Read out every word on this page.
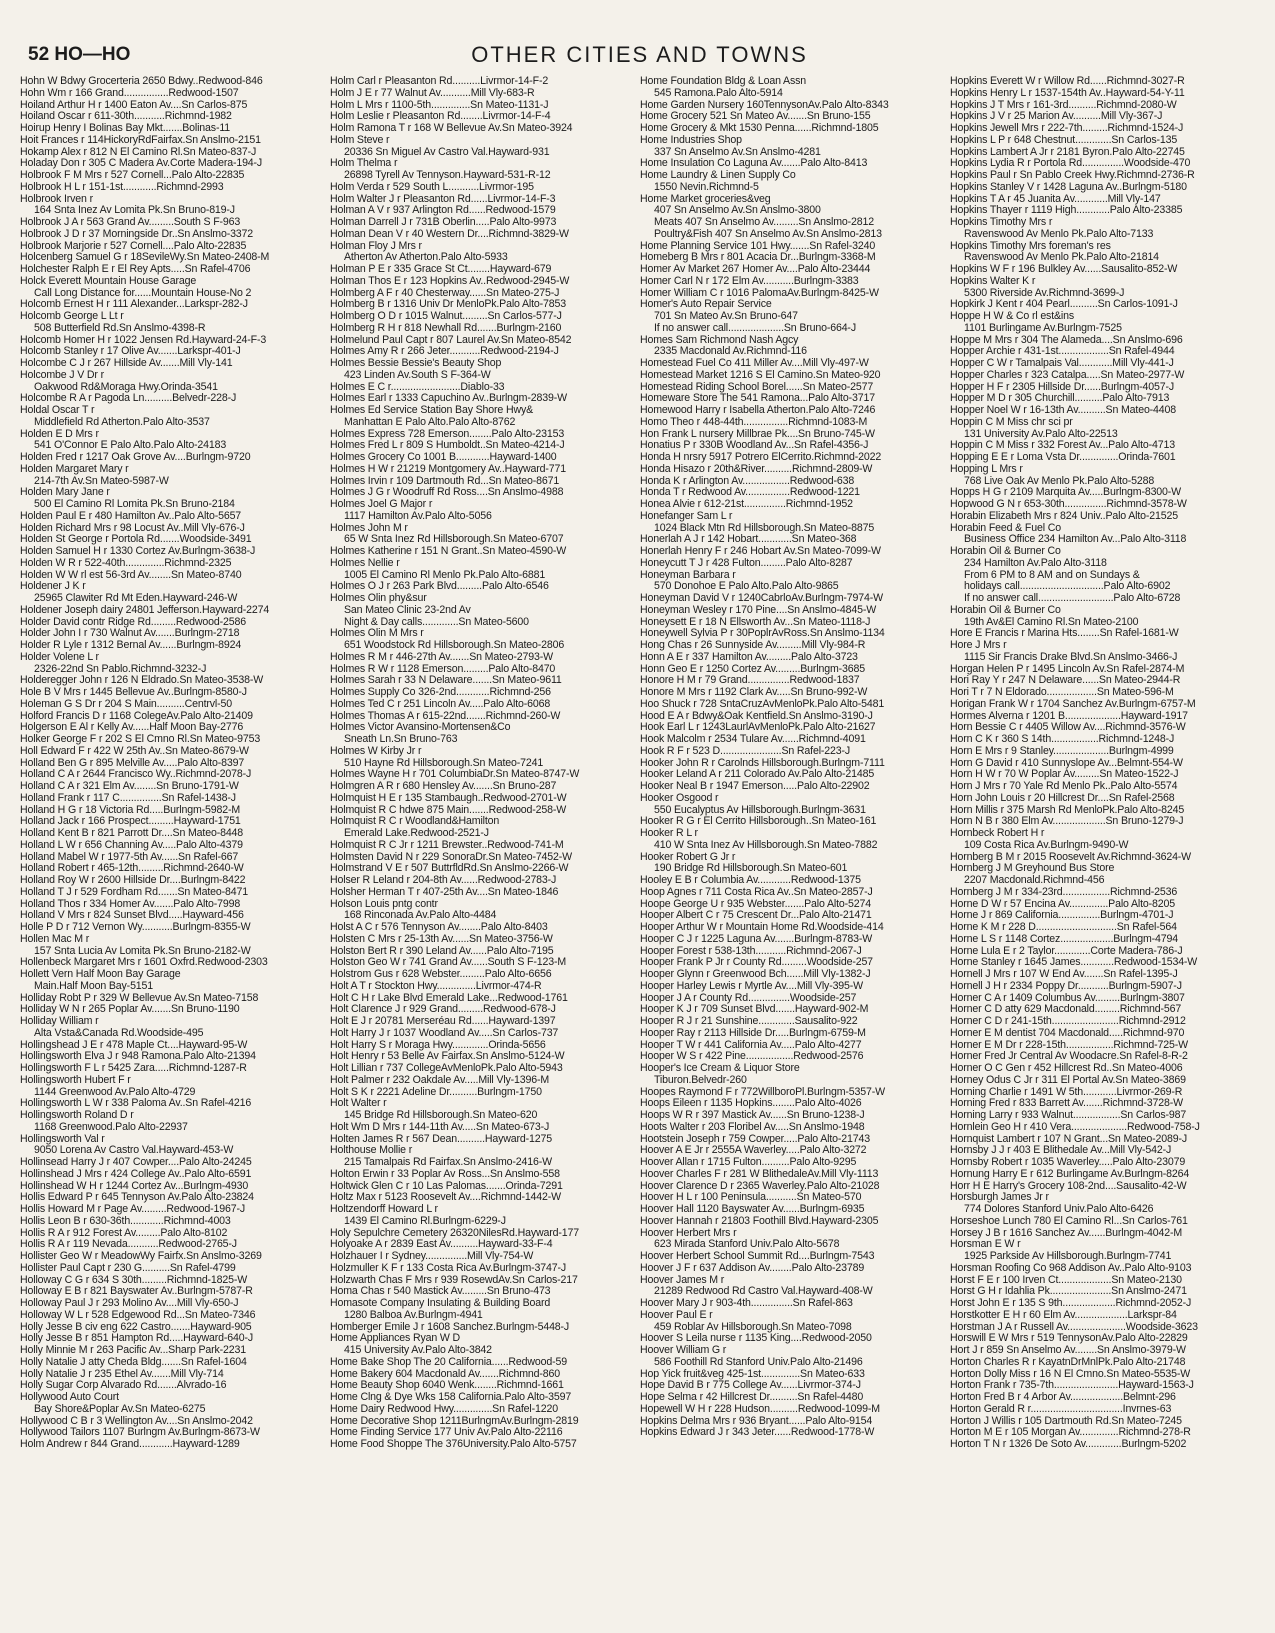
52 HO—HO	OTHER CITIES AND TOWNS
Hohn W Bdwy Grocerteria 2650 Bdwy..Redwood-846
Hohn Wm r 166 Grand................Redwood-1507
Hoiland Arthur H r 1400 Eaton Av....Sn Carlos-875
Hoiland Oscar r 611-30th...........Richmnd-1982
Hoirup Henry I Bolinas Bay Mkt.......Bolinas-11
Hoit Frances r 114HickoryRdFairfax.Sn Anslmo-2151
Hokamp Alex r 812 N El Camino Rl.Sn Mateo-837-J
Holaday Don r 305 C Madera Av.Corte Madera-194-J
Holbrook F M Mrs r 527 Cornell...Palo Alto-22835
Holbrook H L r 151-1st............Richmnd-2993
Holbrook Irven r
164 Snta Inez Av Lomita Pk.Sn Bruno-819-J
Holbrook J A r 563 Grand Av.........South S F-963
Holbrook J D r 37 Morningside Dr..Sn Anslmo-3372
Holbrook Marjorie r 527 Cornell....Palo Alto-22835
Holcenberg Samuel G r 18SevileWy.Sn Mateo-2408-M
Holchester Ralph E r El Rey Apts.....Sn Rafel-4706
Holck Everett Mountain House Garage
Call Long Distance for......Mountain House-No 2
Holcomb Ernest H r 111 Alexander...Larkspr-282-J
Holcomb George L Lt r
508 Butterfield Rd.Sn Anslmo-4398-R
Holcomb Homer H r 1022 Jensen Rd.Hayward-24-F-3
Holcomb Stanley r 17 Olive Av.......Larkspr-401-J
Holcombe C J r 267 Hillside Av.......Mill Vly-141
Holcombe J V Dr r
Oakwood Rd&Moraga Hwy.Orinda-3541
Holcombe R A r Pagoda Ln..........Belvedr-228-J
Holdal Oscar T r
Middlefield Rd Atherton.Palo Alto-3537
Holden E D Mrs r
541 O'Connor E Palo Alto.Palo Alto-24183
Holden Fred r 1217 Oak Grove Av....Burlngm-9720
Holden Margaret Mary r
214-7th Av.Sn Mateo-5987-W
Holden Mary Jane r
500 El Camino Rl Lomita Pk.Sn Bruno-2184
Holden Paul E r 480 Hamilton Av..Palo Alto-5657
Holden Richard Mrs r 98 Locust Av..Mill Vly-676-J
Holden St George r Portola Rd.......Woodside-3491
Holden Samuel H r 1330 Cortez Av.Burlngm-3638-J
Holden W R r 522-40th..............Richmnd-2325
Holden W W rl est 56-3rd Av........Sn Mateo-8740
Holdener J K r
25965 Clawiter Rd Mt Eden.Hayward-246-W
Holdener Joseph dairy 24801 Jefferson.Hayward-2274
Holder David contr Ridge Rd.........Redwood-2586
Holder John I r 730 Walnut Av.......Burlngm-2718
Holder R Lyle r 1312 Bernal Av......Burlngm-8924
Holder Volene L r
2326-22nd Sn Pablo.Richmnd-3232-J
Holderegger John r 126 N Eldrado.Sn Mateo-3538-W
Hole B V Mrs r 1445 Bellevue Av..Burlngm-8580-J
Holeman G S Dr r 204 S Main..........Centrvl-50
Holford Francis D r 1168 ColegeAv.Palo Alto-21409
Holgerson E Al r Kelly Av......Half Moon Bay-2776
Holker George F r 202 S El Cmno Rl.Sn Mateo-9753
Holl Edward F r 422 W 25th Av..Sn Mateo-8679-W
Holland Ben G r 895 Melville Av.....Palo Alto-8397
Holland C A r 2644 Francisco Wy..Richmnd-2078-J
Holland C A r 321 Elm Av........Sn Bruno-1791-W
Holland Frank r 117 C...............Sn Rafel-1438-J
Holland H G r 18 Victoria Rd.....Burlngm-5982-M
Holland Jack r 166 Prospect.........Hayward-1751
Holland Kent B r 821 Parrott Dr....Sn Mateo-8448
Holland L W r 656 Channing Av.....Palo Alto-4379
Holland Mabel W r 1977-5th Av......Sn Rafel-667
Holland Robert r 465-12th.........Richmnd-2640-W
Holland Roy W r 2600 Hillside Dr....Burlngm-8422
Holland T J r 529 Fordham Rd.......Sn Mateo-8471
Holland Thos r 334 Homer Av.......Palo Alto-7998
Holland V Mrs r 824 Sunset Blvd.....Hayward-456
Holle P D r 712 Vernon Wy...........Burlngm-8355-W
Hollen Mac M r
157 Snta Lucia Av Lomita Pk.Sn Bruno-2182-W
Hollenbeck Margaret Mrs r 1601 Oxfrd.Redwood-2303
Hollett Vern Half Moon Bay Garage
Main.Half Moon Bay-5151
Holliday Robt P r 329 W Bellevue Av.Sn Mateo-7158
Holliday W N r 265 Poplar Av.......Sn Bruno-1190
Holliday William r
Alta Vsta&Canada Rd.Woodside-495
Hollingshead J E r 478 Maple Ct....Hayward-95-W
Hollingsworth Elva J r 948 Ramona.Palo Alto-21394
Hollingsworth F L r 5425 Zara.....Richmnd-1287-R
Hollingsworth Hubert F r
1144 Greenwood Av.Palo Alto-4729
Hollingsworth L W r 338 Paloma Av..Sn Rafel-4216
Hollingsworth Roland D r
1168 Greenwood.Palo Alto-22937
Hollingsworth Val r
9050 Lorena Av Castro Val.Hayward-453-W
Hollinsead Harry J r 407 Cowper....Palo Alto-24245
Hollinshead J Mrs r 424 College Av..Palo Alto-6591
Hollinshead W H r 1244 Cortez Av...Burlngm-4930
Hollis Edward P r 645 Tennyson Av.Palo Alto-23824
Hollis Howard M r Page Av.........Redwood-1967-J
Hollis Leon B r 630-36th............Richmnd-4003
Hollis R A r 912 Forest Av.........Palo Alto-8102
Hollis R A r 119 Nevada...........Redwood-2765-J
Hollister Geo W r MeadowWy Fairfx.Sn Anslmo-3269
Hollister Paul Capt r 230 G..........Sn Rafel-4799
Holloway C G r 634 S 30th.........Richmnd-1825-W
Holloway E B r 821 Bayswater Av..Burlngm-5787-R
Holloway Paul J r 293 Molino Av....Mill Vly-650-J
Holloway W L r 528 Edgewood Rd...Sn Mateo-7346
Holly Jesse B civ eng 622 Castro.......Hayward-905
Holly Jesse B r 851 Hampton Rd.....Hayward-640-J
Holly Minnie M r 263 Pacific Av...Sharp Park-2231
Holly Natalie J atty Cheda Bldg.......Sn Rafel-1604
Holly Natalie J r 235 Ethel Av.......Mill Vly-714
Holly Sugar Corp Alvarado Rd.......Alvrado-16
Hollywood Auto Court
Bay Shore&Poplar Av.Sn Mateo-6275
Hollywood C B r 3 Wellington Av....Sn Anslmo-2042
Hollywood Tailors 1107 Burlngm Av.Burlngm-8673-W
Holm Andrew r 844 Grand............Hayward-1289
Holm Carl r Pleasanton Rd..........Livrmor-14-F-2
Holm J E r 77 Walnut Av...........Mill Vly-683-R
Holm L Mrs r 1100-5th..............Sn Mateo-1131-J
Holm Leslie r Pleasanton Rd........Livrmor-14-F-4
Holm Ramona T r 168 W Bellevue Av.Sn Mateo-3924
Holm Steve r
20336 Sn Miguel Av Castro Val.Hayward-931
Holm Thelma r
26898 Tyrell Av Tennyson.Hayward-531-R-12
Holm Verda r 529 South L...........Livrmor-195
Holm Walter J r Pleasanton Rd......Livrmor-14-F-3
Holman A V r 937 Arlington Rd......Redwood-1579
Holman Darrell J r 731B Oberlin.....Palo Alto-9973
Holman Dean V r 40 Western Dr....Richmnd-3829-W
Holman Floy J Mrs r
Atherton Av Atherton.Palo Alto-5933
Holman P E r 335 Grace St Ct........Hayward-679
Holman Thos E r 123 Hopkins Av..Redwood-2945-W
Holmberg A F r 40 Chesterway......Sn Mateo-275-J
Holmberg B r 1316 Univ Dr MenloPk.Palo Alto-7853
Holmberg O D r 1015 Walnut.........Sn Carlos-577-J
Holmberg R H r 818 Newhall Rd.......Burlngm-2160
Holmelund Paul Capt r 807 Laurel Av.Sn Mateo-8542
Holmes Amy R r 266 Jeter...........Redwood-2194-J
Holmes Bessie Bessie's Beauty Shop
423 Linden Av.South S F-364-W
Holmes E C r.........................Diablo-33
Holmes Earl r 1333 Capuchino Av..Burlngm-2839-W
Holmes Ed Service Station Bay Shore Hwy&
Manhattan E Palo Alto.Palo Alto-8762
Holmes Express 728 Emerson........Palo Alto-23153
Holmes Fred L r 809 S Humboldt..Sn Mateo-4214-J
Holmes Grocery Co 1001 B............Hayward-1400
Holmes H W r 21219 Montgomery Av..Hayward-771
Holmes Irvin r 109 Dartmouth Rd...Sn Mateo-8671
Holmes J G r Woodruff Rd Ross....Sn Anslmo-4988
Holmes Joel G Major r
1117 Hamilton Av.Palo Alto-5056
Holmes John M r
65 W Snta Inez Rd Hillsborough.Sn Mateo-6707
Holmes Katherine r 151 N Grant..Sn Mateo-4590-W
Holmes Nellie r
1005 El Camino Rl Menlo Pk.Palo Alto-6881
Holmes O J r 263 Park Blvd.........Palo Alto-6546
Holmes Olin phy&sur
San Mateo Clinic 23-2nd Av
Night & Day calls.............Sn Mateo-5600
Holmes Olin M Mrs r
651 Woodstock Rd Hillsborough.Sn Mateo-2806
Holmes R M r 446-27th Av.......Sn Mateo-2793-W
Holmes R W r 1128 Emerson.........Palo Alto-8470
Holmes Sarah r 33 N Delaware.......Sn Mateo-9611
Holmes Supply Co 326-2nd............Richmnd-256
Holmes Ted C r 251 Lincoln Av.....Palo Alto-6068
Holmes Thomas A r 615-22nd.......Richmnd-260-W
Holmes Victor Avansino-Mortensen&Co
Sneath Ln.Sn Bruno-763
Holmes W Kirby Jr r
510 Hayne Rd Hillsborough.Sn Mateo-7241
Holmes Wayne H r 701 ColumbiaDr.Sn Mateo-8747-W
Holmgren A R r 680 Hensley Av.......Sn Bruno-287
Holmquist H E r 135 Stambaugh..Redwood-2701-W
Holmquist R C hdwe 875 Main.......Redwood-258-W
Holmquist R C r Woodland&Hamilton
Emerald Lake.Redwood-2521-J
Holmquist R C Jr r 1211 Brewster..Redwood-741-M
Holmsten David N r 229 SonoraDr.Sn Mateo-7452-W
Holmstrand V E r 507 ButtrfldRd.Sn Anslmo-2266-W
Holser R Leland r 204-8th Av......Redwood-2783-J
Holsher Herman T r 407-25th Av....Sn Mateo-1846
Holson Louis pntg contr
168 Rinconada Av.Palo Alto-4484
Holst A C r 576 Tennyson Av........Palo Alto-8403
Holsten C Mrs r 25-13th Av......Sn Mateo-3756-W
Holston Bert R r 390 Leland Av......Palo Alto-7195
Holston Geo W r 741 Grand Av......South S F-123-M
Holstrom Gus r 628 Webster.........Palo Alto-6656
Holt A T r Stockton Hwy..............Livrmor-474-R
Holt C H r Lake Blvd Emerald Lake...Redwood-1761
Holt Clarence J r 929 Grand.........Redwood-678-J
Holt E J r 20781 Merseréau Rd......Hayward-1397
Holt Harry J r 1037 Woodland Av.....Sn Carlos-737
Holt Harry S r Moraga Hwy.............Orinda-5656
Holt Henry r 53 Belle Av Fairfax.Sn Anslmo-5124-W
Holt Lillian r 737 CollegeAvMenloPk.Palo Alto-5943
Holt Palmer r 232 Oakdale Av.....Mill Vly-1396-M
Holt S K r 2221 Adeline Dr..........Burlngm-1750
Holt Walter r
145 Bridge Rd Hillsborough.Sn Mateo-620
Holt Wm D Mrs r 144-11th Av.....Sn Mateo-673-J
Holten James R r 567 Dean..........Hayward-1275
Holthouse Mollie r
215 Tamalpais Rd Fairfax.Sn Anslmo-2416-W
Holton Erwin r 33 Poplar Av Ross...Sn Anslmo-558
Holtwick Glen C r 10 Las Palomas.......Orinda-7291
Holtz Max r 5123 Roosevelt Av....Richmnd-1442-W
Holtzendorff Howard L r
1439 El Camino Rl.Burlngm-6229-J
Holy Sepulchre Cemetery 26320NilesRd.Hayward-177
Holyoake A r 2839 East Av..........Hayward-33-F-4
Holzhauer I r Sydney...............Mill Vly-754-W
Holzmuller K F r 133 Costa Rica Av.Burlngm-3747-J
Holzwarth Chas F Mrs r 939 RosewdAv.Sn Carlos-217
Homa Chas r 540 Mastick Av.........Sn Bruno-473
Homasote Company Insulating & Building Board
1280 Balboa Av.Burlngm-4941
Homberger Emile J r 1608 Sanchez.Burlngm-5448-J
Home Appliances Ryan W D
415 University Av.Palo Alto-3842
Home Bake Shop The 20 California......Redwood-59
Home Bakery 604 Macdonald Av.......Richmnd-860
Home Beauty Shop 6040 Wenk........Richmnd-1661
Home Clng & Dye Wks 158 California.Palo Alto-3597
Home Dairy Redwood Hwy..............Sn Rafel-1220
Home Decorative Shop 1211BurlngmAv.Burlngm-2819
Home Finding Service 177 Univ Av.Palo Alto-22116
Home Food Shoppe The 376University.Palo Alto-5757
Home Foundation Bldg & Loan Assn
545 Ramona.Palo Alto-5914
Home Garden Nursery 160TennysonAv.Palo Alto-8343
Home Grocery 521 Sn Mateo Av.......Sn Bruno-155
Home Grocery & Mkt 1530 Penna......Richmnd-1805
Home Industries Shop
337 Sn Anselmo Av.Sn Anslmo-4281
Home Insulation Co Laguna Av.......Palo Alto-8413
Home Laundry & Linen Supply Co
1550 Nevin.Richmnd-5
Home Market groceries&veg
407 Sn Anselmo Av.Sn Anslmo-3800
Meats 407 Sn Anselmo Av.........Sn Anslmo-2812
Poultry&Fish 407 Sn Anselmo Av.Sn Anslmo-2813
Home Planning Service 101 Hwy.......Sn Rafel-3240
Homeberg B Mrs r 801 Acacia Dr...Burlngm-3368-M
Homer Av Market 267 Homer Av....Palo Alto-23444
Homer Carl N r 172 Elm Av...........Burlngm-3383
Homer William C r 1016 PalomaAv.Burlngm-8425-W
Homer's Auto Repair Service
701 Sn Mateo Av.Sn Bruno-647
If no answer call....................Sn Bruno-664-J
Homes Sam Richmond Nash Agcy
2335 Macdonald Av.Richmnd-116
Homestead Fuel Co 411 Miller Av....Mill Vly-497-W
Homestead Market 1216 S El Camino.Sn Mateo-920
Homestead Riding School Borel......Sn Mateo-2577
Homeware Store The 541 Ramona...Palo Alto-3717
Homewood Harry r Isabella Atherton.Palo Alto-7246
Homo Theo r 448-44th................Richmnd-1083-M
Hon Frank L nursery Millbrae Pk....Sn Bruno-745-W
Honatius P r 330B Woodland Av...Sn Rafel-4356-J
Honda H nrsry 5917 Potrero ElCerrito.Richmnd-2022
Honda Hisazo r 20th&River..........Richmnd-2809-W
Honda K r Arlington Av.................Redwood-638
Honda T r Redwood Av................Redwood-1221
Honea Alvie r 612-21st...............Richmnd-1952
Honefanger Sam L r
1024 Black Mtn Rd Hillsborough.Sn Mateo-8875
Honerlah A J r 142 Hobart............Sn Mateo-368
Honerlah Henry F r 246 Hobart Av.Sn Mateo-7099-W
Honeycutt T J r 428 Fulton.........Palo Alto-8287
Honeyman Barbara r
570 Donohoe E Palo Alto.Palo Alto-9865
Honeyman David V r 1240CabrloAv.Burlngm-7974-W
Honeyman Wesley r 170 Pine....Sn Anslmo-4845-W
Honeysett E r 18 N Ellsworth Av...Sn Mateo-1118-J
Honeywell Sylvia P r 30PoplrAvRoss.Sn Anslmo-1134
Hong Chas r 26 Sunnyside Av.........Mill Vly-984-R
Honn A E r 337 Hamilton Av.........Palo Alto-3723
Honn Geo E r 1250 Cortez Av.........Burlngm-3685
Honore H M r 79 Grand...............Redwood-1837
Honore M Mrs r 1192 Clark Av.....Sn Bruno-992-W
Hoo Shuck r 728 SntaCruzAvMenloPk.Palo Alto-5481
Hood E A r Bdwy&Oak Kentfield.Sn Anslmo-3190-J
Hook Earl L r 1243LaurlAvMenloPk.Palo Alto-21627
Hook Malcolm r 2534 Tulare Av......Richmnd-4091
Hook R F r 523 D......................Sn Rafel-223-J
Hooker John R r Carolnds Hillsborough.Burlngm-7111
Hooker Leland A r 211 Colorado Av.Palo Alto-21485
Hooker Neal B r 1947 Emerson.....Palo Alto-22902
Hooker Osgood r
550 Eucalyptus Av Hillsborough.Burlngm-3631
Hooker R G r El Cerrito Hillsborough..Sn Mateo-161
Hooker R L r
410 W Snta Inez Av Hillsborough.Sn Mateo-7882
Hooker Robert G Jr r
190 Bridge Rd Hillsborough.Sn Mateo-601
Hooley E B r Columbia Av............Redwood-1375
Hoop Agnes r 711 Costa Rica Av..Sn Mateo-2857-J
Hoope George U r 935 Webster.......Palo Alto-5274
Hooper Albert C r 75 Crescent Dr...Palo Alto-21471
Hooper Arthur W r Mountain Home Rd.Woodside-414
Hooper C J r 1225 Laguna Av.......Burlngm-8783-W
Hooper Forest r 538-13th...........Richmnd-2067-J
Hooper Frank P Jr r County Rd.........Woodside-257
Hooper Glynn r Greenwood Bch......Mill Vly-1382-J
Hooper Harley Lewis r Myrtle Av....Mill Vly-395-W
Hooper J A r County Rd...............Woodside-257
Hooper K J r 709 Sunset Blvd.......Hayward-902-M
Hooper R J r 21 Sunshine.............Sausalito-922
Hooper Ray r 2113 Hillside Dr.....Burlngm-6759-M
Hooper T W r 441 California Av.....Palo Alto-4277
Hooper W S r 422 Pine.................Redwood-2576
Hooper's Ice Cream & Liquor Store
Tiburon.Belvedr-260
Hoopes Raymond F r 772WillboroPl.Burlngm-5357-W
Hoops Eileen r 1135 Hopkins........Palo Alto-4026
Hoops W R r 397 Mastick Av......Sn Bruno-1238-J
Hoots Walter r 203 Floribel Av.....Sn Anslmo-1948
Hootstein Joseph r 759 Cowper.....Palo Alto-21743
Hoover A E Jr r 2555A Waverley.....Palo Alto-3272
Hoover Allan r 1715 Fulton..........Palo Alto-9295
Hoover Charles F r 281 W BlithedaleAv.Mill Vly-1113
Hoover Clarence D r 2365 Waverley.Palo Alto-21028
Hoover H L r 100 Peninsula...........Sn Mateo-570
Hoover Hall 1120 Bayswater Av......Burlngm-6935
Hoover Hannah r 21803 Foothill Blvd.Hayward-2305
Hoover Herbert Mrs r
623 Mirada Stanford Univ.Palo Alto-5678
Hoover Herbert School Summit Rd....Burlngm-7543
Hoover J F r 637 Addison Av........Palo Alto-23789
Hoover James M r
21289 Redwood Rd Castro Val.Hayward-408-W
Hoover Mary J r 903-4th...............Sn Rafel-863
Hoover Paul E r
459 Roblar Av Hillsborough.Sn Mateo-7098
Hoover S Leila nurse r 1135 King....Redwood-2050
Hoover William G r
586 Foothill Rd Stanford Univ.Palo Alto-21496
Hop Yick fruit&veg 425-1st..............Sn Mateo-633
Hope David B r 775 College Av......Livrmor-374-J
Hope Selma r 42 Hillcrest Dr..........Sn Rafel-4480
Hopewell W H r 228 Hudson..........Redwood-1099-M
Hopkins Delma Mrs r 936 Bryant......Palo Alto-9154
Hopkins Edward J r 343 Jeter......Redwood-1778-W
Hopkins Everett W r Willow Rd......Richmnd-3027-R
Hopkins Henry L r 1537-154th Av..Hayward-54-Y-11
Hopkins J T Mrs r 161-3rd..........Richmnd-2080-W
Hopkins J V r 25 Marion Av..........Mill Vly-367-J
Hopkins Jewell Mrs r 222-7th.........Richmnd-1524-J
Hopkins L P r 648 Chestnut.............Sn Carlos-135
Hopkins Lambert A Jr r 2181 Byron.Palo Alto-22745
Hopkins Lydia R r Portola Rd...............Woodside-470
Hopkins Paul r Sn Pablo Creek Hwy.Richmnd-2736-R
Hopkins Stanley V r 1428 Laguna Av..Burlngm-5180
Hopkins T A r 45 Juanita Av............Mill Vly-147
Hopkins Thayer r 1119 High............Palo Alto-23385
Hopkins Timothy Mrs r
Ravenswood Av Menlo Pk.Palo Alto-7133
Hopkins Timothy Mrs foreman's res
Ravenswood Av Menlo Pk.Palo Alto-21814
Hopkins W F r 196 Bulkley Av......Sausalito-852-W
Hopkins Walter K r
5300 Riverside Av.Richmnd-3699-J
Hopkirk J Kent r 404 Pearl..........Sn Carlos-1091-J
Hoppe H W & Co rl est&ins
1101 Burlingame Av.Burlngm-7525
Hoppe M Mrs r 304 The Alameda....Sn Anslmo-696
Hopper Archie r 431-1st..................Sn Rafel-4944
Hopper C W r Tamalpais Val............Mill Vly-441-J
Hopper Charles r 323 Catalpa.....Sn Mateo-2977-W
Hopper H F r 2305 Hillside Dr......Burlngm-4057-J
Hopper M D r 305 Churchill..........Palo Alto-7913
Hopper Noel W r 16-13th Av..........Sn Mateo-4408
Hoppin C M Miss chr sci pr
131 University Av.Palo Alto-22513
Hoppin C M Miss r 332 Forest Av...Palo Alto-4713
Hopping E E r Loma Vsta Dr..............Orinda-7601
Hopping L Mrs r
768 Live Oak Av Menlo Pk.Palo Alto-5288
Hopps H G r 2109 Marquita Av.....Burlngm-8300-W
Hopwood G N r 653-30th...............Richmnd-3578-W
Horabin Elizabeth Mrs r 824 Univ..Palo Alto-21525
Horabin Feed & Fuel Co
Business Office 234 Hamilton Av...Palo Alto-3118
Horabin Oil & Burner Co
234 Hamilton Av.Palo Alto-3118
From 6 PM to 8 AM and on Sundays &
holidays call..............................Palo Alto-6902
If no answer call...........................Palo Alto-6728
Horabin Oil & Burner Co
19th Av&El Camino Rl.Sn Mateo-2100
Hore E Francis r Marina Hts........Sn Rafel-1681-W
Hore J Mrs r
1115 Sir Francis Drake Blvd.Sn Anslmo-3466-J
Horgan Helen P r 1495 Lincoln Av.Sn Rafel-2874-M
Hori Ray Y r 247 N Delaware......Sn Mateo-2944-R
Hori T r 7 N Eldorado..................Sn Mateo-596-M
Horigan Frank W r 1704 Sanchez Av.Burlngm-6757-M
Hormes Alverna r 1201 B....................Hayward-1917
Horn Bessie C r 4405 Willow Av....Richmnd-3576-W
Horn C K r 360 S 14th.................Richmnd-1248-J
Horn E Mrs r 9 Stanley....................Burlngm-4999
Horn G David r 410 Sunnyslope Av...Belmnt-554-W
Horn H W r 70 W Poplar Av.........Sn Mateo-1522-J
Horn J Mrs r 70 Yale Rd Menlo Pk..Palo Alto-5574
Horn John Louis r 20 Hillcrest Dr....Sn Rafel-2568
Horn Millis r 375 Marsh Rd MenloPk.Palo Alto-8245
Horn N B r 380 Elm Av...................Sn Bruno-1279-J
Hornbeck Robert H r
109 Costa Rica Av.Burlngm-9490-W
Hornberg B M r 2015 Roosevelt Av.Richmnd-3624-W
Hornberg J M Greyhound Bus Store
2207 Macdonald.Richmnd-456
Hornberg J M r 334-23rd.................Richmnd-2536
Horne D W r 57 Encina Av..............Palo Alto-8205
Horne J r 869 California...............Burlngm-4701-J
Horne K M r 228 D.............................Sn Rafel-564
Horne L S r 1148 Cortez...................Burlngm-4794
Horne Lula E r 2 Taylor.............Corte Madera-786-J
Horne Stanley r 1645 James............Redwood-1534-W
Hornell J Mrs r 107 W End Av.......Sn Rafel-1395-J
Hornell J H r 2334 Poppy Dr...........Burlngm-5907-J
Horner C A r 1409 Columbus Av.........Burlngm-3807
Horner C D atty 629 Macdonald.........Richmnd-567
Horner C D r 241-15th........................Richmnd-2912
Horner E M dentist 704 Macdonald.....Richmnd-970
Horner E M Dr r 228-15th.................Richmnd-725-W
Horner Fred Jr Central Av Woodacre.Sn Rafel-8-R-2
Horner O C Gen r 452 Hillcrest Rd..Sn Mateo-4006
Horney Odus C Jr r 311 El Portal Av.Sn Mateo-3869
Horning Charlie r 1491 W 5th............Livrmor-269-R
Horning Fred r 833 Barrett Av.......Richmnd-3728-W
Horning Larry r 933 Walnut.................Sn Carlos-987
Hornlein Geo H r 410 Vera....................Redwood-758-J
Hornquist Lambert r 107 N Grant...Sn Mateo-2089-J
Hornsby J J r 403 E Blithedale Av...Mill Vly-542-J
Hornsby Robert r 1035 Waverley.....Palo Alto-23079
Hornung Harry E r 612 Burlingame Av.Burlngm-8264
Horr H E Harry's Grocery 108-2nd....Sausalito-42-W
Horsburgh James Jr r
774 Dolores Stanford Univ.Palo Alto-6426
Horseshoe Lunch 780 El Camino Rl...Sn Carlos-761
Horsey J B r 1616 Sanchez Av......Burlngm-4042-M
Horsman E W r
1925 Parkside Av Hillsborough.Burlngm-7741
Horsman Roofing Co 968 Addison Av..Palo Alto-9103
Horst F E r 100 Irven Ct...................Sn Mateo-2130
Horst G H r Idahlia Pk......................Sn Anslmo-2471
Horst John E r 135 S 9th...................Richmnd-2052-J
Horstkotter E H r 60 Elm Av...................Larkspr-84
Horstman J A r Russell Av.....................Woodside-3623
Horswill E W Mrs r 519 TennysonAv.Palo Alto-22829
Hort J r 859 Sn Anselmo Av........Sn Anslmo-3979-W
Horton Charles R r KayatnDrMnlPk.Palo Alto-21748
Horton Dolly Miss r 16 N El Cmno.Sn Mateo-5535-W
Horton Frank r 735-7th.......................Hayward-1563-J
Horton Fred B r 4 Arbor Av...................Belmnt-296
Horton Gerald R r.................................Invrnes-63
Horton J Willis r 105 Dartmouth Rd.Sn Mateo-7245
Horton M E r 105 Morgan Av..............Richmnd-278-R
Horton T N r 1326 De Soto Av.............Burlngm-5202
